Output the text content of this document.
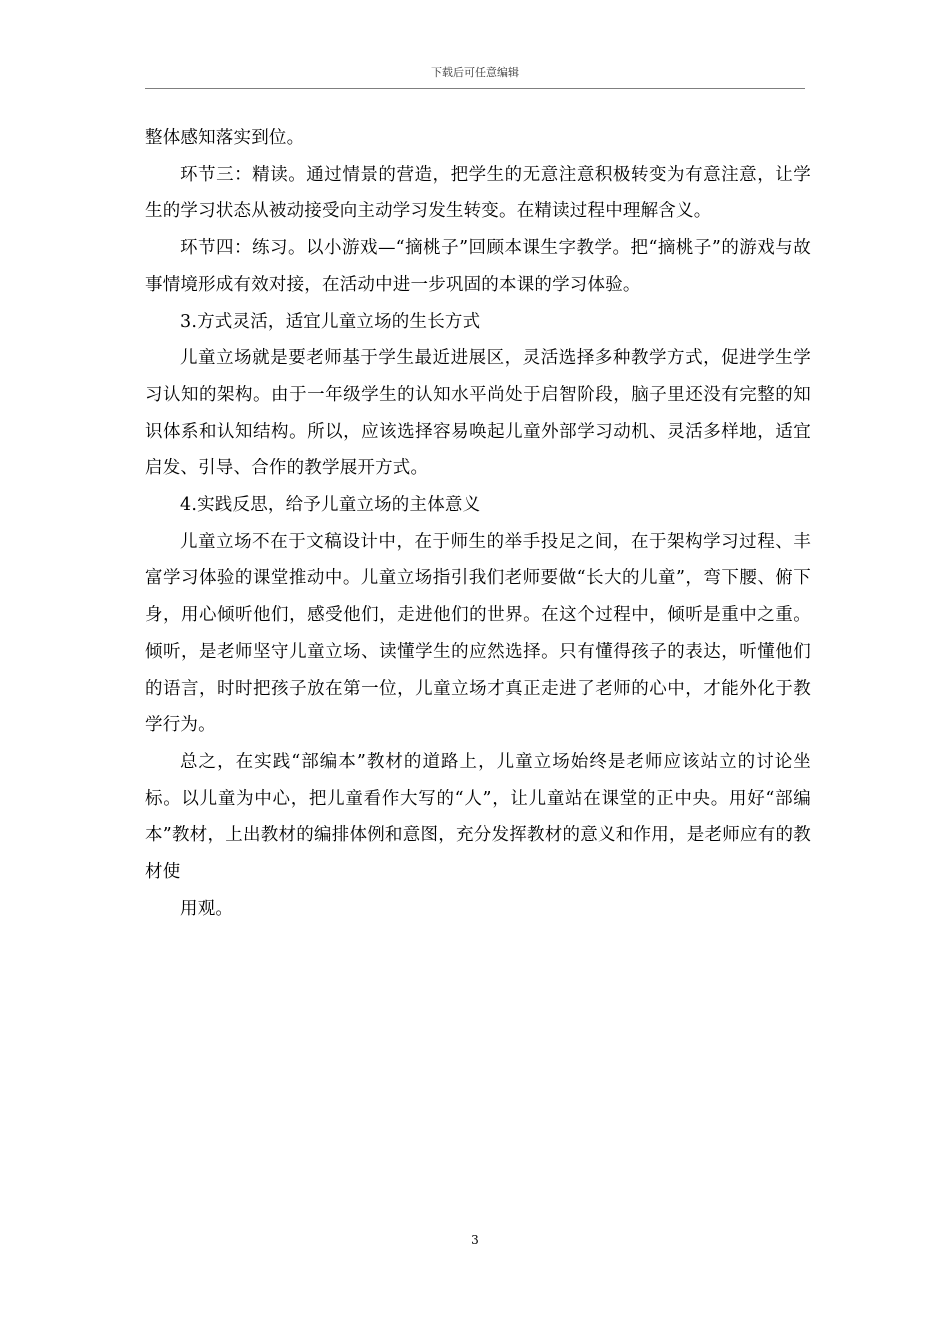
下载后可任意编辑

整体感知落实到位。

环节三：精读。通过情景的营造，把学生的无意注意积极转变为有意注意，让学生的学习状态从被动接受向主动学习发生转变。在精读过程中理解含义。

环节四：练习。以小游戏—“摘桃子”回顾本课生字教学。把“摘桃子”的游戏与故事情境形成有效对接，在活动中进一步巩固的本课的学习体验。

3.方式灵活，适宜儿童立场的生长方式

儿童立场就是要老师基于学生最近进展区，灵活选择多种教学方式，促进学生学习认知的架构。由于一年级学生的认知水平尚处于启智阶段，脑子里还没有完整的知识体系和认知结构。所以，应该选择容易唤起儿童外部学习动机、灵活多样地，适宜启发、引导、合作的教学展开方式。

4.实践反思，给予儿童立场的主体意义

儿童立场不在于文稿设计中，在于师生的举手投足之间，在于架构学习过程、丰富学习体验的课堂推动中。儿童立场指引我们老师要做“长大的儿童”，弯下腰、俯下身，用心倾听他们，感受他们，走进他们的世界。在这个过程中，倾听是重中之重。倾听，是老师坚守儿童立场、读懂学生的应然选择。只有懂得孩子的表达，听懂他们的语言，时时把孩子放在第一位，儿童立场才真正走进了老师的心中，才能外化于教学行为。

总之，在实践“部编本”教材的道路上，儿童立场始终是老师应该站立的讨论坐标。以儿童为中心，把儿童看作大写的“人”，让儿童站在课堂的正中央。用好“部编本”教材，上出教材的编排体例和意图，充分发挥教材的意义和作用，是老师应有的教材使

用观。

3
